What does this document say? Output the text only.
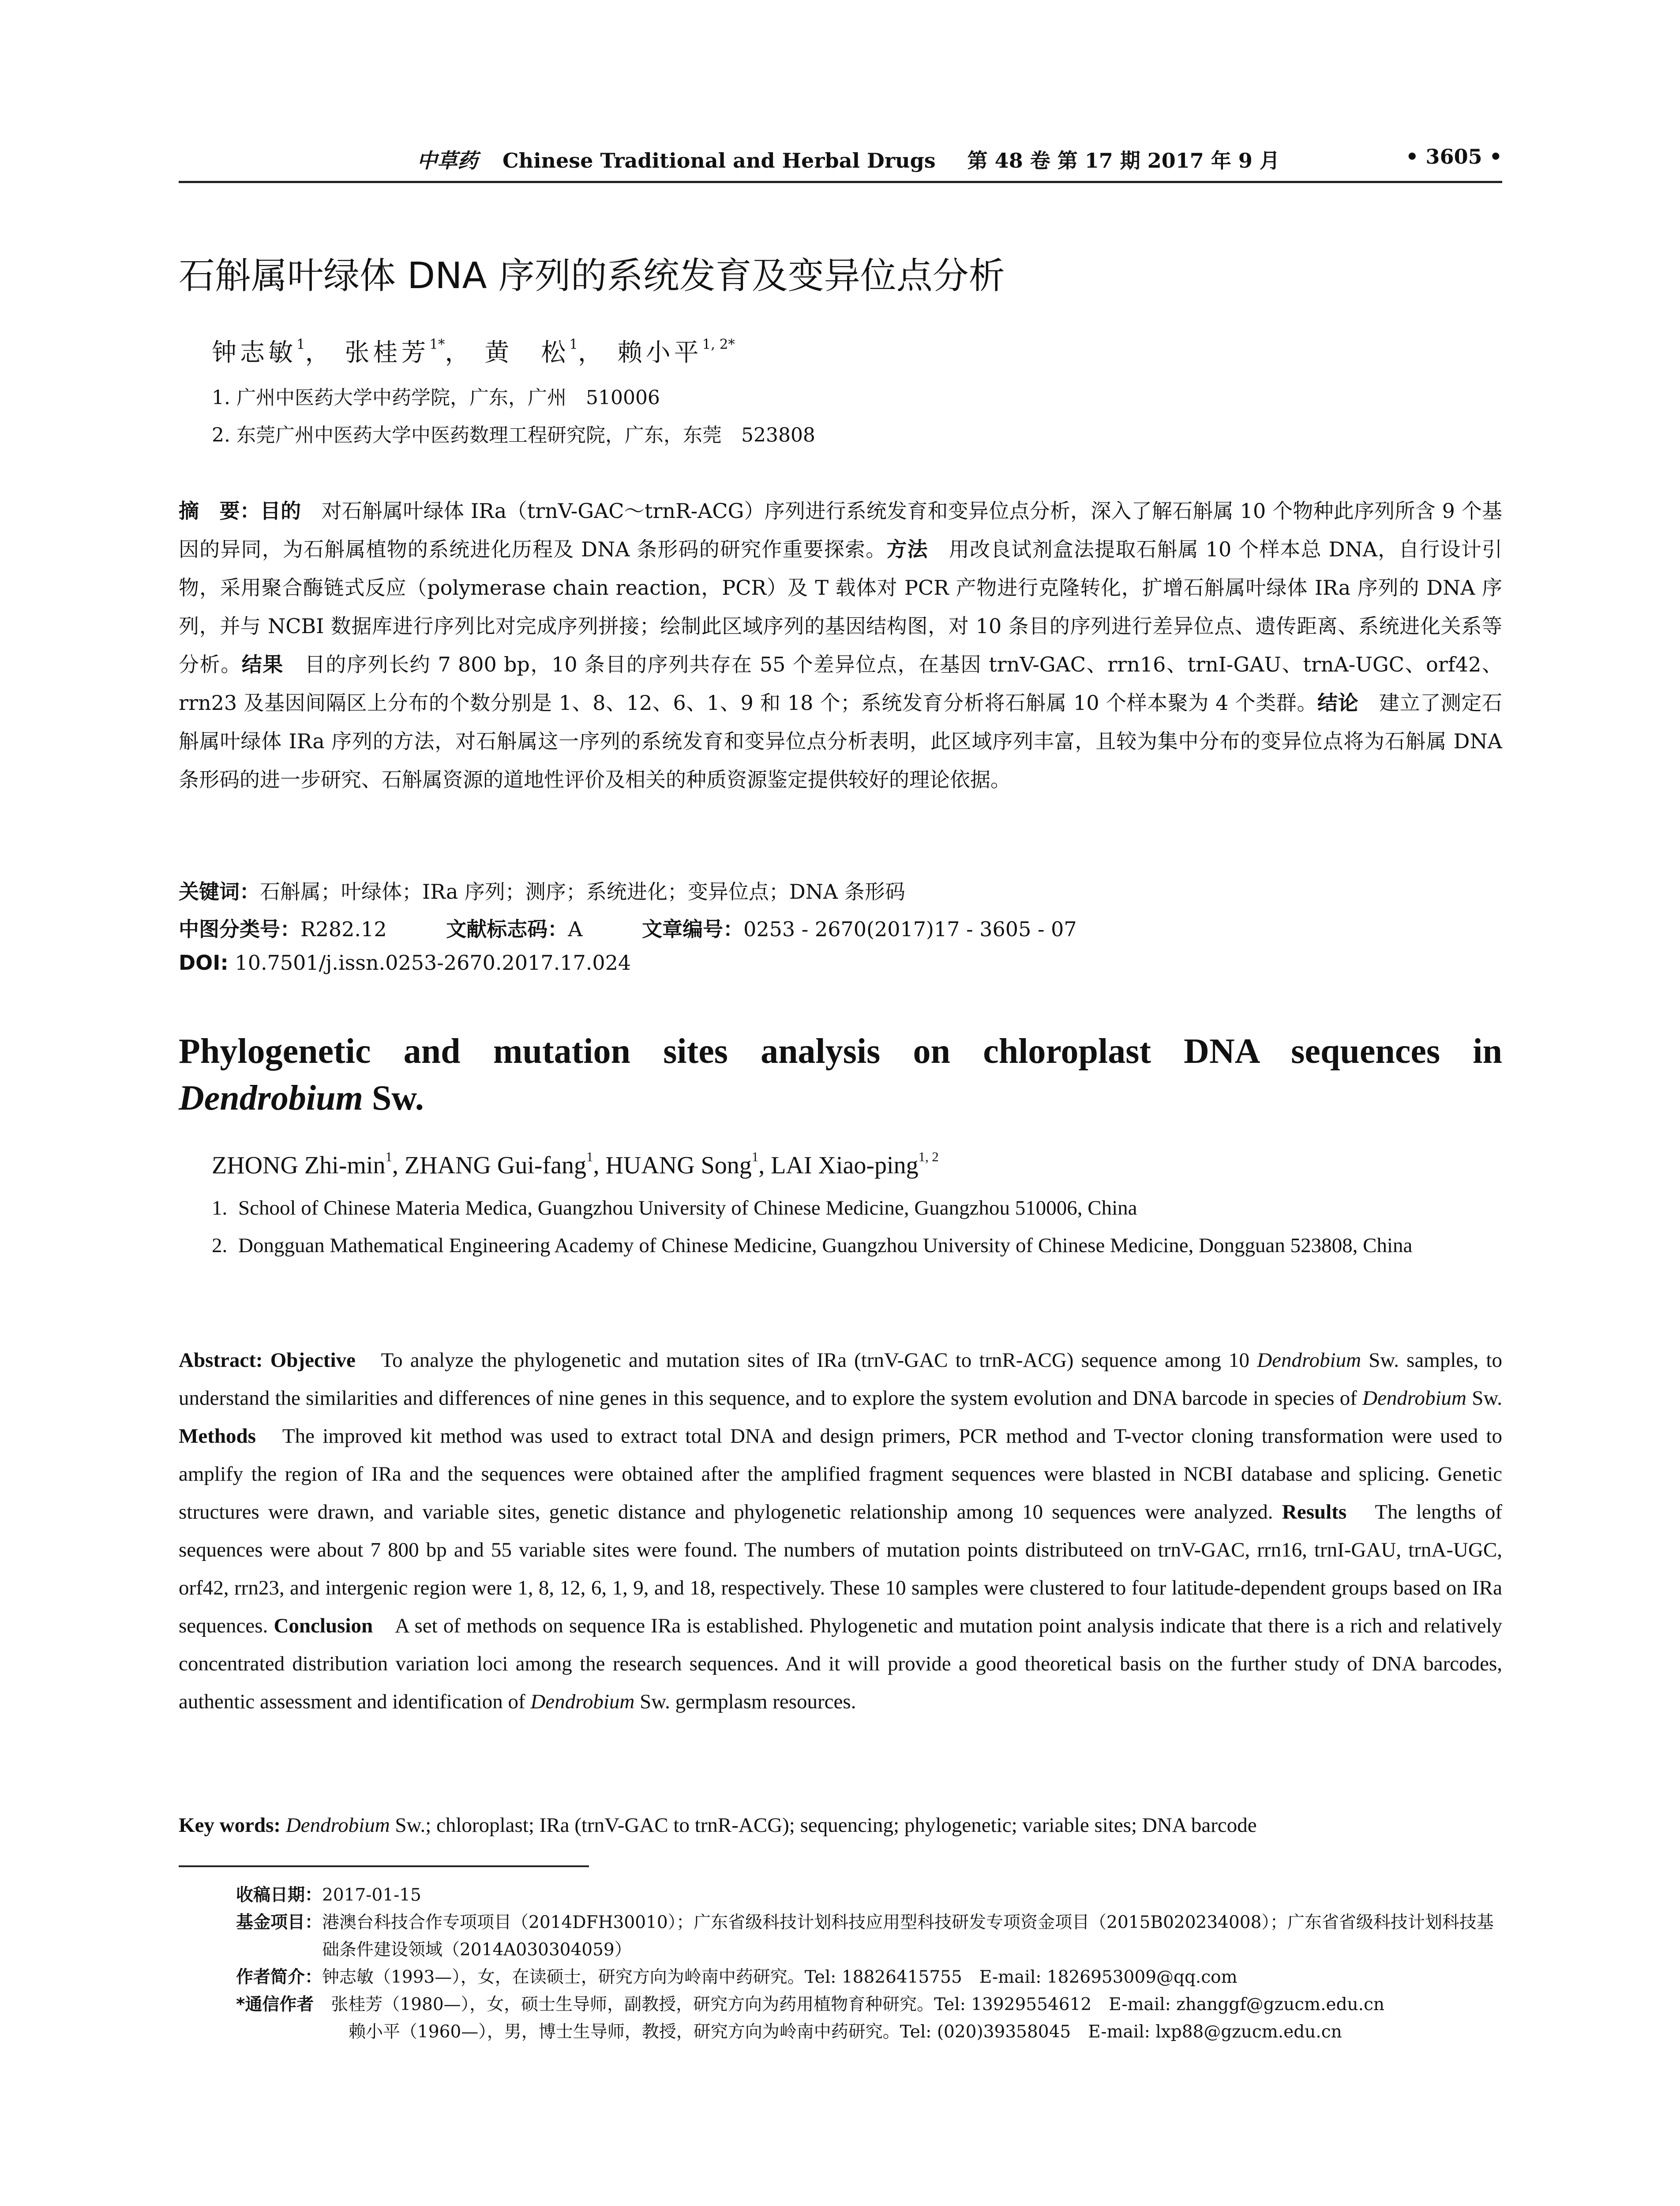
中草药 Chinese Traditional and Herbal Drugs 第 48 卷 第 17 期 2017 年 9 月	• 3605 •
石斛属叶绿体 DNA 序列的系统发育及变异位点分析
钟志敏$^1$， 张桂芳$^{1*}$， 黄　松$^1$， 赖小平$^{1, 2*}$
1. 广州中医药大学中药学院，广东，广州　510006
2. 东莞广州中医药大学中医药数理工程研究院，广东，东莞　523808
摘　要：目的　对石斛属叶绿体 IRa（trnV-GAC～trnR-ACG）序列进行系统发育和变异位点分析，深入了解石斛属 10 个物种此序列所含 9 个基因的异同，为石斛属植物的系统进化历程及 DNA 条形码的研究作重要探索。方法　用改良试剂盒法提取石斛属 10 个样本总 DNA，自行设计引物，采用聚合酶链式反应（polymerase chain reaction，PCR）及 T 载体对 PCR 产物进行克隆转化，扩增石斛属叶绿体 IRa 序列的 DNA 序列，并与 NCBI 数据库进行序列比对完成序列拼接；绘制此区域序列的基因结构图，对 10 条目的序列进行差异位点、遗传距离、系统进化关系等分析。结果　目的序列长约 7 800 bp，10 条目的序列共存在 55 个差异位点，在基因 trnV-GAC、rrn16、trnI-GAU、trnA-UGC、orf42、rrn23 及基因间隔区上分布的个数分别是 1、8、12、6、1、9 和 18 个；系统发育分析将石斛属 10 个样本聚为 4 个类群。结论　建立了测定石斛属叶绿体 IRa 序列的方法，对石斛属这一序列的系统发育和变异位点分析表明，此区域序列丰富，且较为集中分布的变异位点将为石斛属 DNA 条形码的进一步研究、石斛属资源的道地性评价及相关的种质资源鉴定提供较好的理论依据。
关键词：石斛属；叶绿体；IRa 序列；测序；系统进化；变异位点；DNA 条形码
中图分类号：R282.12	文献标志码：A	文章编号：0253 - 2670(2017)17 - 3605 - 07
DOI: 10.7501/j.issn.0253-2670.2017.17.024
Phylogenetic and mutation sites analysis on chloroplast DNA sequences in
Dendrobium Sw.
ZHONG Zhi-$\min^1$, ZHANG Gui-fang$^1$, HUANG Song$^1$, LAI Xiao-ping$^{1, 2}$
1. School of Chinese Materia Medica, Guangzhou University of Chinese Medicine, Guangzhou 510006, China
2. Dongguan Mathematical Engineering Academy of Chinese Medicine, Guangzhou University of Chinese Medicine, Dongguan 523808, China
Abstract: Objective　To analyze the phylogenetic and mutation sites of IRa (trnV-GAC to trnR-ACG) sequence among 10 Dendrobium Sw. samples, to understand the similarities and differences of nine genes in this sequence, and to explore the system evolution and DNA barcode in species of Dendrobium Sw. Methods　The improved kit method was used to extract total DNA and design primers, PCR method and T-vector cloning transformation were used to amplify the region of IRa and the sequences were obtained after the amplified fragment sequences were blasted in NCBI database and splicing. Genetic structures were drawn, and variable sites, genetic distance and phylogenetic relationship among 10 sequences were analyzed. Results　The lengths of sequences were about 7 800 bp and 55 variable sites were found. The numbers of mutation points distributeed on trnV-GAC, rrn16, trnI-GAU, trnA-UGC, orf42, rrn23, and intergenic region were 1, 8, 12, 6, 1, 9, and 18, respectively. These 10 samples were clustered to four latitude-dependent groups based on IRa sequences. Conclusion　A set of methods on sequence IRa is established. Phylogenetic and mutation point analysis indicate that there is a rich and relatively concentrated distribution variation loci among the research sequences. And it will provide a good theoretical basis on the further study of DNA barcodes, authentic assessment and identification of Dendrobium Sw. germplasm resources.
Key words: Dendrobium Sw.; chloroplast; IRa (trnV-GAC to trnR-ACG); sequencing; phylogenetic; variable sites; DNA barcode
收稿日期： 2017-01-15
基金项目： 港澳台科技合作专项项目（2014DFH30010）；广东省级科技计划科技应用型科技研发专项资金项目（2015B020234008）；广东省省级科技计划科技基础条件建设领域（2014A030304059）
作者简介： 钟志敏（1993—），女，在读硕士，研究方向为岭南中药研究。Tel: 18826415755　E-mail: 1826953009@qq.com
*通信作者 　张桂芳（1980—），女，硕士生导师，副教授，研究方向为药用植物育种研究。Tel: 13929554612　E-mail: zhanggf@gzucm.edu.cn
赖小平（1960—），男，博士生导师，教授，研究方向为岭南中药研究。Tel: (020)39358045　E-mail: lxp88@gzucm.edu.cn
